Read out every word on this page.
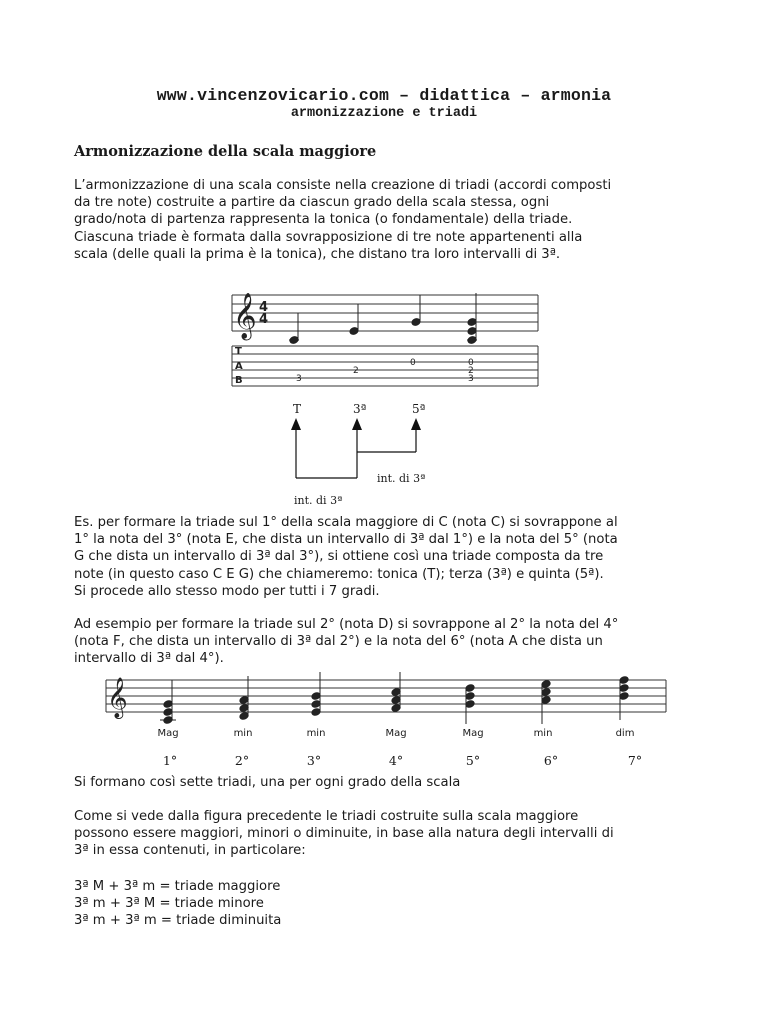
www.vincenzovicario.com – didattica – armonia
armonizzazione e triadi
Armonizzazione della scala maggiore
L’armonizzazione di una scala consiste nella creazione di triadi (accordi composti
da tre note) costruite a partire da ciascun grado della scala stessa, ogni
grado/nota di partenza rappresenta la tonica (o fondamentale) della triade.
Ciascuna triade è formata dalla sovrapposizione di tre note appartenenti alla
scala (delle quali la prima è la tonica), che distano tra loro intervalli di 3ª.
𝄞 4
4
T
A
B	3
2
0	0
2
3
T	3ª	5ª
int. di 3ª
int. di 3ª
Es. per formare la triade sul 1° della scala maggiore di C (nota C) si sovrappone al
1° la nota del 3° (nota E, che dista un intervallo di 3ª dal 1°) e la nota del 5° (nota
G che dista un intervallo di 3ª dal 3°), si ottiene così una triade composta da tre
note (in questo caso C E G) che chiameremo: tonica (T); terza (3ª) e quinta (5ª).
Si procede allo stesso modo per tutti i 7 gradi.
Ad esempio per formare la triade sul 2° (nota D) si sovrappone al 2° la nota del 4°
(nota F, che dista un intervallo di 3ª dal 2°) e la nota del 6° (nota A che dista un
intervallo di 3ª dal 4°).
𝄞
Mag	min	min	Mag	Mag	min	dim
1°	2°	3°	4°	5°	6°	7°
Si formano così sette triadi, una per ogni grado della scala
Come si vede dalla figura precedente le triadi costruite sulla scala maggiore
possono essere maggiori, minori o diminuite, in base alla natura degli intervalli di
3ª in essa contenuti, in particolare:
3ª M + 3ª m = triade maggiore
3ª m + 3ª M = triade minore
3ª m + 3ª m = triade diminuita
